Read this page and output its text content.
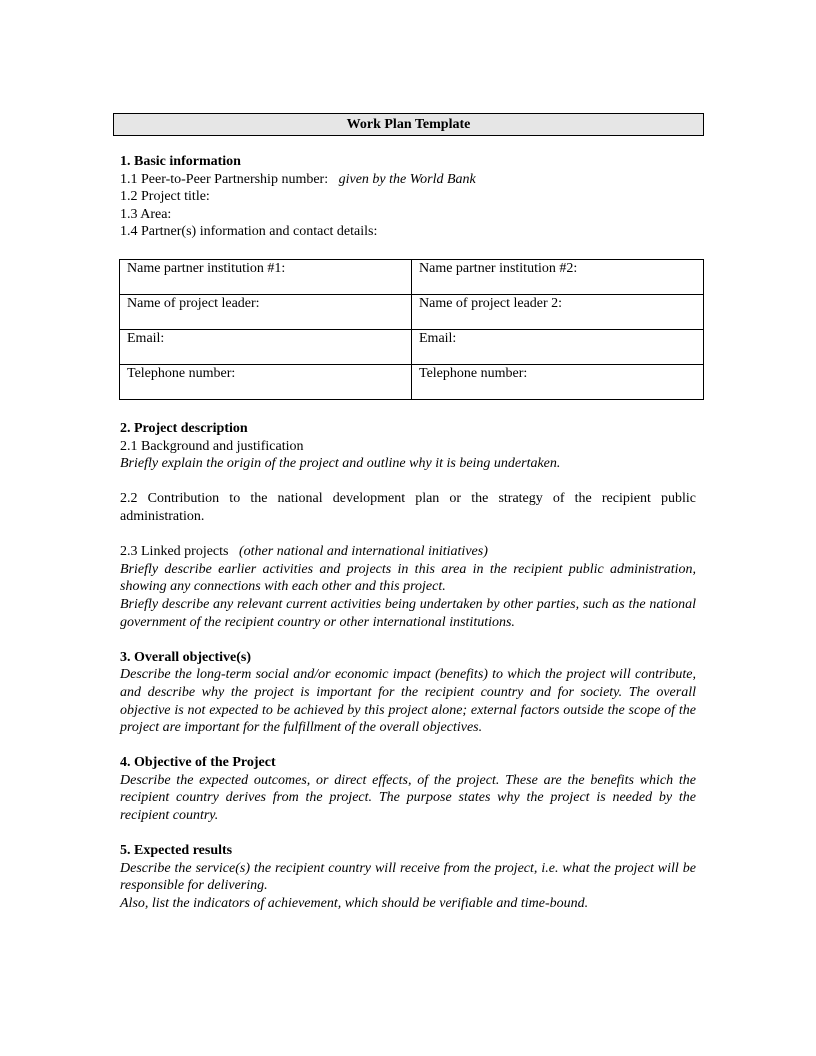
Work Plan Template

1. Basic information

1.1 Peer-to-Peer Partnership number: given by the World Bank

1.2 Project title:

1.3 Area:

1.4 Partner(s) information and contact details:

Name partner institution #1:	Name partner institution #2:
Name of project leader:	Name of project leader 2:
Email:	Email:
Telephone number:	Telephone number:

2. Project description

2.1 Background and justification

Briefly explain the origin of the project and outline why it is being undertaken.

2.2 Contribution to the national development plan or the strategy of the recipient public administration.

2.3 Linked projects (other national and international initiatives)

Briefly describe earlier activities and projects in this area in the recipient public administration, showing any connections with each other and this project.

Briefly describe any relevant current activities being undertaken by other parties, such as the national government of the recipient country or other international institutions.

3. Overall objective(s)

Describe the long-term social and/or economic impact (benefits) to which the project will contribute, and describe why the project is important for the recipient country and for society. The overall objective is not expected to be achieved by this project alone; external factors outside the scope of the project are important for the fulfillment of the overall objectives.

4. Objective of the Project

Describe the expected outcomes, or direct effects, of the project. These are the benefits which the recipient country derives from the project. The purpose states why the project is needed by the recipient country.

5. Expected results

Describe the service(s) the recipient country will receive from the project, i.e. what the project will be responsible for delivering.

Also, list the indicators of achievement, which should be verifiable and time-bound.
